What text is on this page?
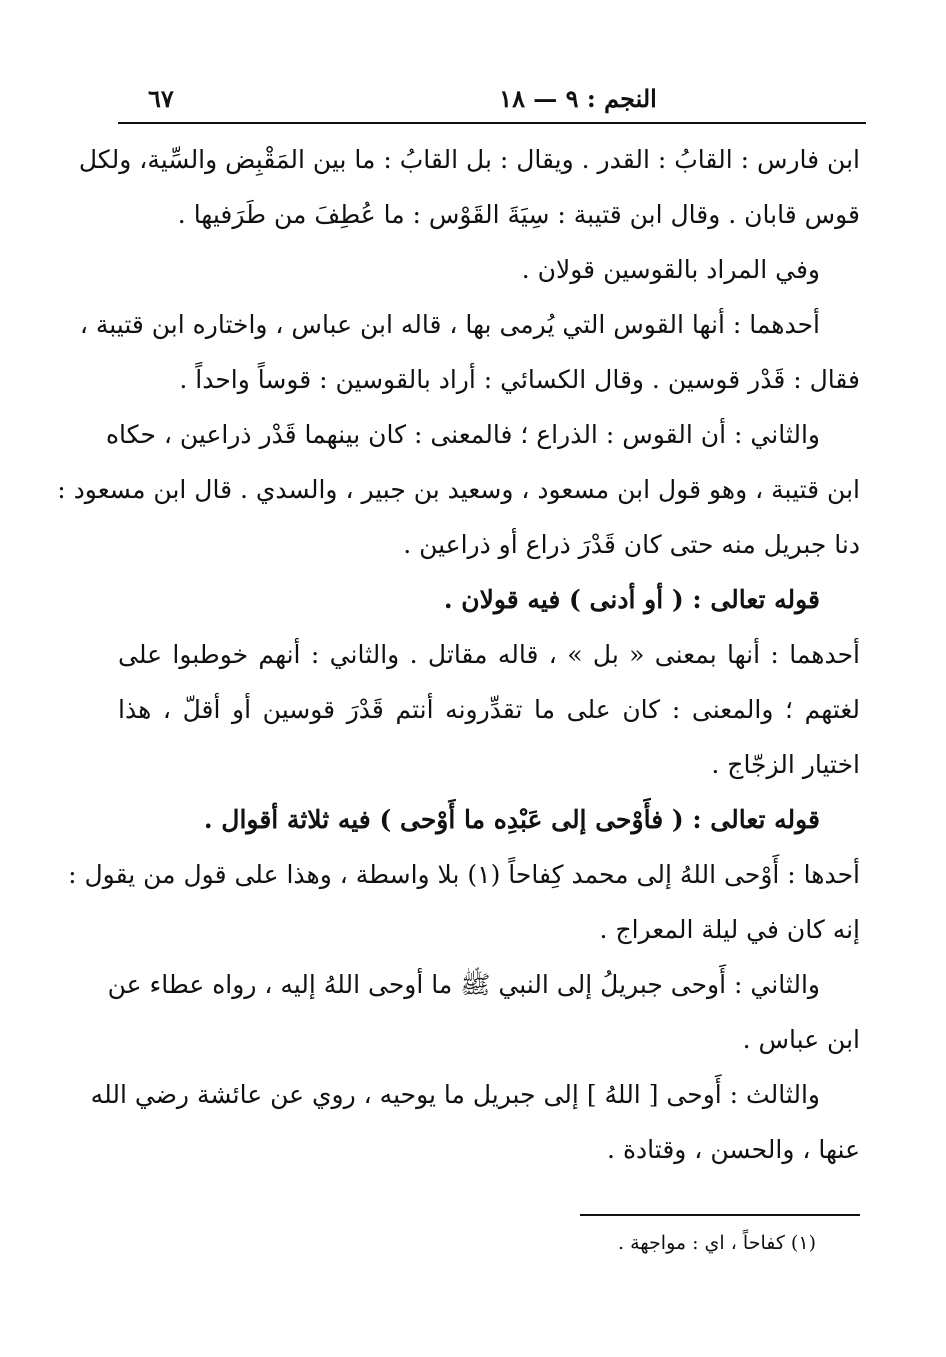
٦٧	النجم : ٩ — ١٨
ابن فارس : القابُ : القدر . ويقال : بل القابُ : ما بين المَقْبِض والسِّية، ولكل
قوس قابان . وقال ابن قتيبة : سِيَةَ القَوْس : ما عُطِفَ من طَرَفيها .
وفي المراد بالقوسين قولان .
أحدهما : أنها القوس التي يُرمى بها ، قاله ابن عباس ، واختاره ابن قتيبة ،
فقال : قَدْر قوسين . وقال الكسائي : أراد بالقوسين : قوساً واحداً .
والثاني : أن القوس : الذراع ؛ فالمعنى : كان بينهما قَدْر ذراعين ، حكاه
ابن قتيبة ، وهو قول ابن مسعود ، وسعيد بن جبير ، والسدي . قال ابن مسعود :
دنا جبريل منه حتى كان قَدْرَ ذراع أو ذراعين .
قوله تعالى : ( أو أدنى ) فيه قولان .
أحدهما : أنها بمعنى « بل » ، قاله مقاتل . والثاني : أنهم خوطبوا على
لغتهم ؛ والمعنى : كان على ما تقدِّرونه أنتم قَدْرَ قوسين أو أقلّ ، هذا
اختيار الزجّاج .
قوله تعالى : ( فأَوْحى إلى عَبْدِه ما أَوْحى ) فيه ثلاثة أقوال .
أحدها : أَوْحى اللهُ إلى محمد كِفاحاً (١) بلا واسطة ، وهذا على قول من يقول :
إنه كان في ليلة المعراج .
والثاني : أَوحى جبريلُ إلى النبي ﷺ ما أوحى اللهُ إليه ، رواه عطاء عن
ابن عباس .
والثالث : أَوحى [ اللهُ ] إلى جبريل ما يوحيه ، روي عن عائشة رضي الله
عنها ، والحسن ، وقتادة .
(١) كفاحاً ، اي : مواجهة .
